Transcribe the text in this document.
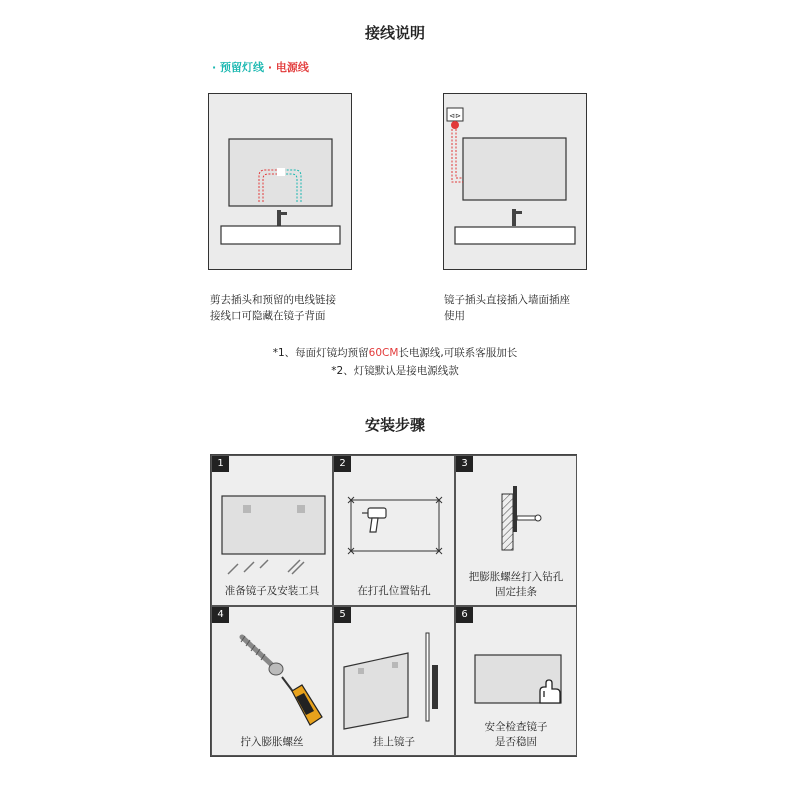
接线说明
· 预留灯线 · 电源线
⊲⊳
剪去插头和预留的电线链接
接线口可隐藏在镜子背面
镜子插头直接插入墙面插座
使用
*1、每面灯镜均预留60CM长电源线,可联系客服加长
*2、灯镜默认是接电源线款
安装步骤
1
准备镜子及安装工具
2
在打孔位置钻孔
3
把膨胀螺丝打入钻孔
固定挂条
4
拧入膨胀螺丝
5
挂上镜子
6
安全检查镜子
是否稳固
